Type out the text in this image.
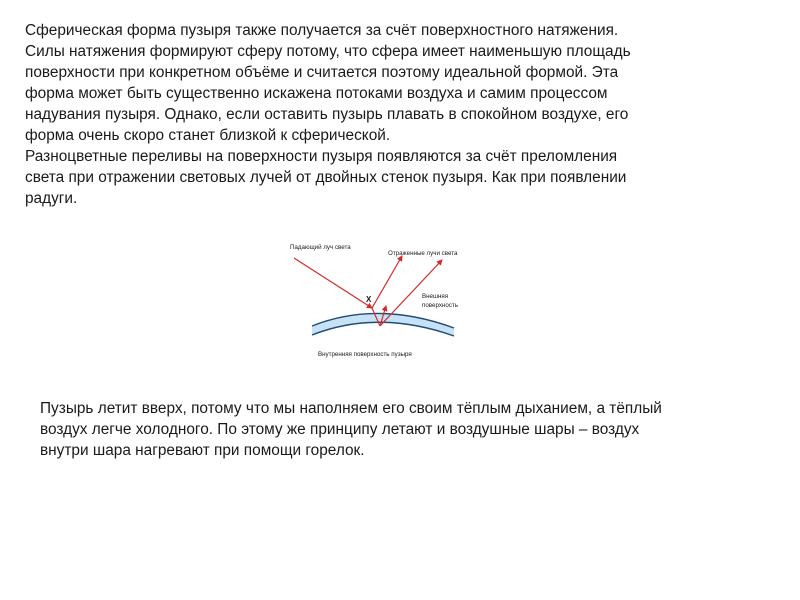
Сферическая форма пузыря также получается за счёт поверхностного натяжения.
Силы натяжения формируют сферу потому, что сфера имеет наименьшую площадь
поверхности при конкретном объёме и считается поэтому идеальной формой. Эта
форма может быть существенно искажена потоками воздуха и самим процессом
надувания пузыря. Однако, если оставить пузырь плавать в спокойном воздухе, его
форма очень скоро станет близкой к сферической.
Разноцветные переливы на поверхности пузыря появляются за счёт преломления
света при отражении световых лучей от двойных стенок пузыря. Как при появлении
радуги.

Падающий луч света
Отраженные лучи света
X	Внешняя
поверхность
Внутренняя поверхность пузыря

Пузырь летит вверх, потому что мы наполняем его своим тёплым дыханием, а тёплый
воздух легче холодного. По этому же принципу летают и воздушные шары – воздух
внутри шара нагревают при помощи горелок.
